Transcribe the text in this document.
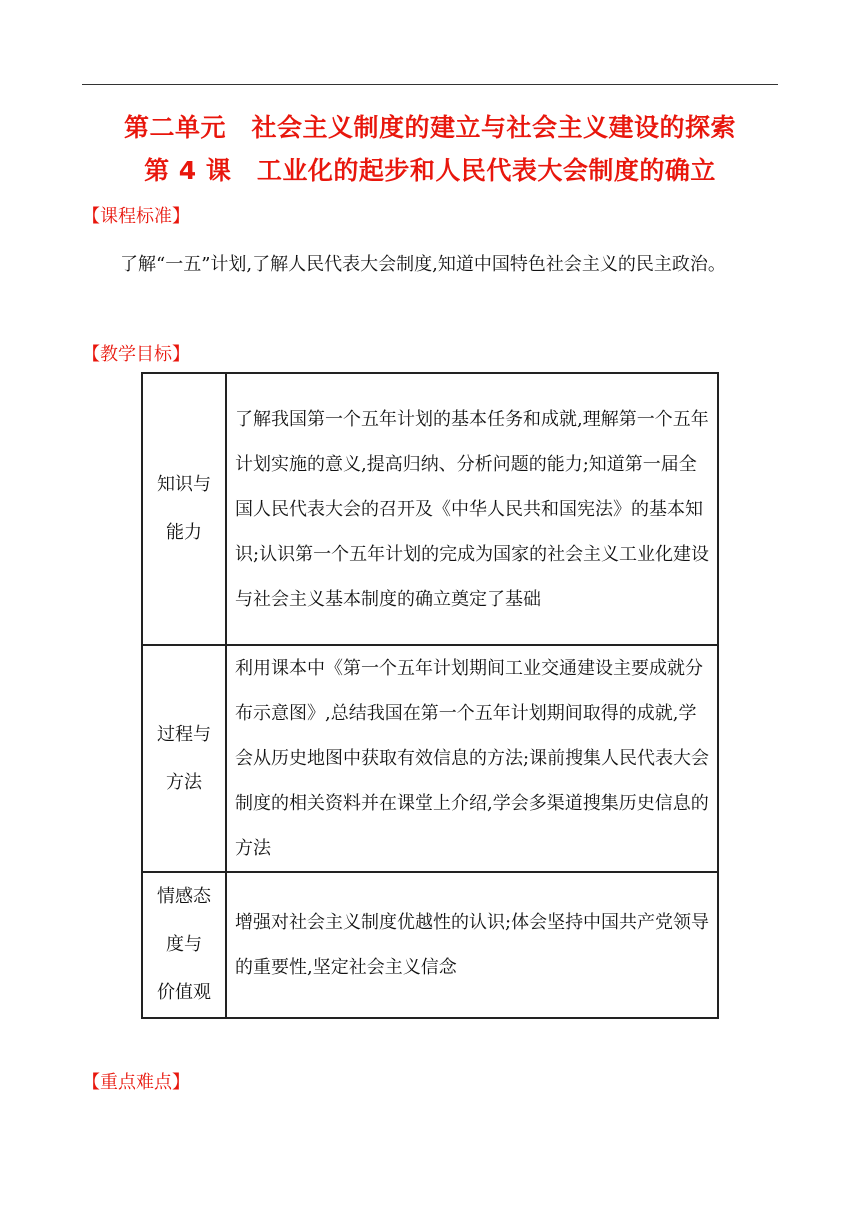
第二单元　社会主义制度的建立与社会主义建设的探索
第 4 课　工业化的起步和人民代表大会制度的确立
【课程标准】
了解“一五”计划,了解人民代表大会制度,知道中国特色社会主义的民主政治。
【教学目标】
知识与
能力	了解我国第一个五年计划的基本任务和成就,理解第一个五年计划实施的意义,提高归纳、分析问题的能力;知道第一届全国人民代表大会的召开及《中华人民共和国宪法》的基本知识;认识第一个五年计划的完成为国家的社会主义工业化建设与社会主义基本制度的确立奠定了基础

过程与
方法	利用课本中《第一个五年计划期间工业交通建设主要成就分布示意图》,总结我国在第一个五年计划期间取得的成就,学会从历史地图中获取有效信息的方法;课前搜集人民代表大会制度的相关资料并在课堂上介绍,学会多渠道搜集历史信息的方法

情感态
度与
价值观	增强对社会主义制度优越性的认识;体会坚持中国共产党领导的重要性,坚定社会主义信念
【重点难点】
